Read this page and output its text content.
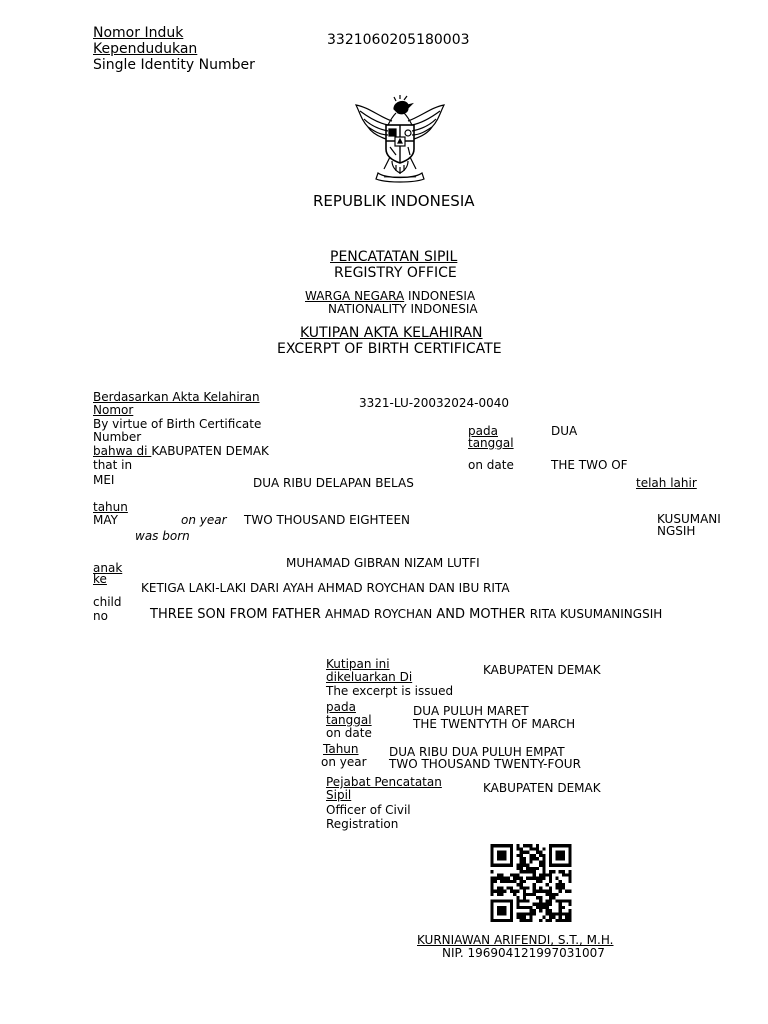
Nomor Induk
Kependudukan
Single Identity Number
3321060205180003
REPUBLIK INDONESIA
PENCATATAN SIPIL
REGISTRY OFFICE
WARGA NEGARA INDONESIA
NATIONALITY INDONESIA
KUTIPAN AKTA KELAHIRAN
EXCERPT OF BIRTH CERTIFICATE
Berdasarkan Akta Kelahiran
Nomor
By virtue of Birth Certificate
Number
3321-LU-20032024-0040
bahwa di KABUPATEN DEMAK
that in
pada
tanggal
DUA
on date	THE TWO OF
MEI	DUA RIBU DELAPAN BELAS	telah lahir
tahun
MAY	on year TWO THOUSAND EIGHTEEN
was born
KUSUMANI
NGSIH
MUHAMAD GIBRAN NIZAM LUTFI
anak
ke
KETIGA LAKI-LAKI DARI AYAH AHMAD ROYCHAN DAN IBU RITA
child
no	THREE SON FROM FATHER AHMAD ROYCHAN AND MOTHER RITA KUSUMANINGSIH
Kutipan ini
dikeluarkan Di
The excerpt is issued
KABUPATEN DEMAK
pada
tanggal
on date
DUA PULUH MARET
THE TWENTYTH OF MARCH
Tahun
on year
DUA RIBU DUA PULUH EMPAT
TWO THOUSAND TWENTY-FOUR
Pejabat Pencatatan
Sipil
Officer of Civil
Registration
KABUPATEN DEMAK
KURNIAWAN ARIFENDI, S.T., M.H.
NIP. 196904121997031007
